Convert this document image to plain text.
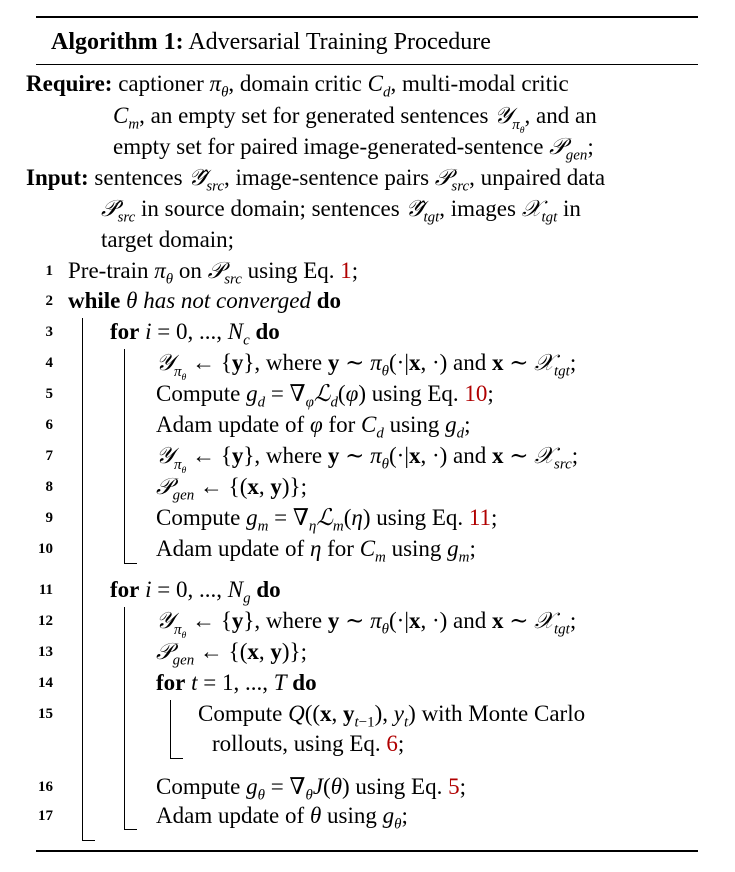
Algorithm 1: Adversarial Training Procedure
Require: captioner $\pi_\theta$, domain critic $C_d$, multi-modal critic
$C_m$, an empty set for generated sentences 𝒴$_{\pi_\theta}$, and an
empty set for paired image-generated-sentence 𝒫$_{gen}$;
Input: sentences $𝒴̂_{src}$, image-sentence pairs 𝒫$_{src}$, unpaired data
$𝒫́_{src}$ in source domain; sentences $𝒴̂_{tgt}$, images 𝒳$_{tgt}$ in
target domain;
1
2
3
4
5
6
7
8
9
10
11
12
13
14
15
16
17
Pre-train $\pi_\theta$ on 𝒫$_{src}$ using Eq. 1;
while θ has not converged do
for i = 0, ..., $N_c$ do
𝒴$_{\pi_\theta}$ ← {y}, where y ∼ $\pi_\theta(\cdot|x$, ·) and x ∼ 𝒳$_{tgt}$;
Compute $g_d$ = $\nabla_\varphi ℒ_d(\varphi)$ using Eq. 10;
Adam update of φ for $C_d$ using $g_d$;
𝒴$_{\pi_\theta}$ ← {y}, where y ∼ $\pi_\theta(\cdot|x$, ·) and x ∼ 𝒳$_{src}$;
𝒫$_{gen}$ ← {(x, y)};
Compute $g_m$ = $\nabla_\eta ℒ_m(\eta)$ using Eq. 11;
Adam update of η for $C_m$ using $g_m$;
for i = 0, ..., $N_g$ do
𝒴$_{\pi_\theta}$ ← {y}, where y ∼ $\pi_\theta(\cdot|x$, ·) and x ∼ 𝒳$_{tgt}$;
𝒫$_{gen}$ ← {(x, y)};
for t = 1, ..., T do
Compute Q((x, $y_{t-1}$), $y_t$) with Monte Carlo
rollouts, using Eq. 6;
Compute $g_\theta = \nabla_\theta J(\theta)$ using Eq. 5;
Adam update of θ using $g_\theta$;
